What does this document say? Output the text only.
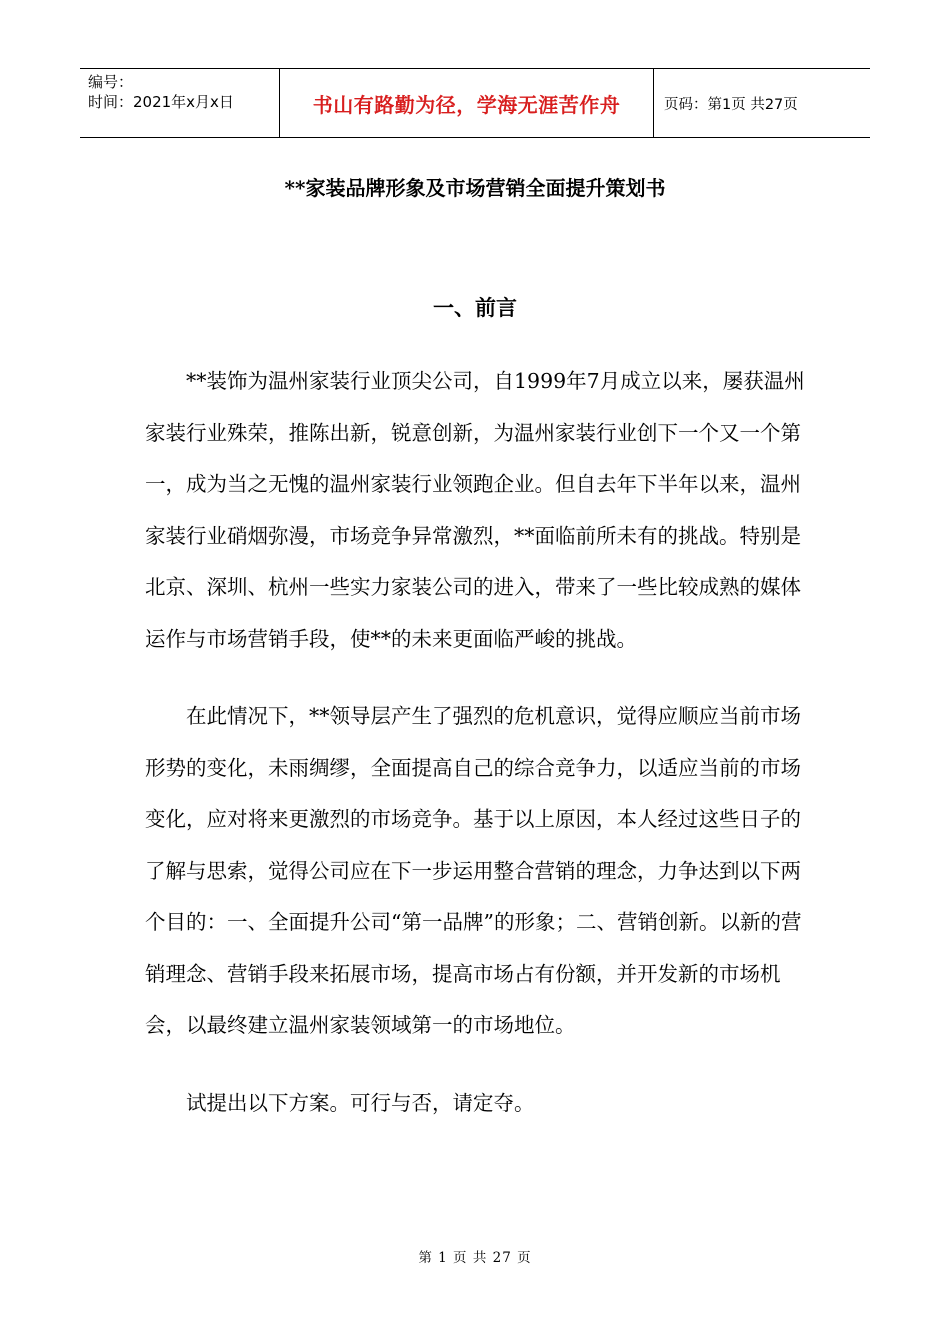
编号：
时间：2021年x月x日	书山有路勤为径，学海无涯苦作舟	页码：第1页 共27页
**家装品牌形象及市场营销全面提升策划书
一、前言

**装饰为温州家装行业顶尖公司，自1999年7月成立以来，屡获温州家装行业殊荣，推陈出新，锐意创新，为温州家装行业创下一个又一个第一，成为当之无愧的温州家装行业领跑企业。但自去年下半年以来，温州家装行业硝烟弥漫，市场竞争异常激烈，**面临前所未有的挑战。特别是北京、深圳、杭州一些实力家装公司的进入，带来了一些比较成熟的媒体运作与市场营销手段，使**的未来更面临严峻的挑战。

在此情况下，**领导层产生了强烈的危机意识，觉得应顺应当前市场形势的变化，未雨绸缪，全面提高自己的综合竞争力，以适应当前的市场变化，应对将来更激烈的市场竞争。基于以上原因，本人经过这些日子的了解与思索，觉得公司应在下一步运用整合营销的理念，力争达到以下两个目的：一、全面提升公司“第一品牌”的形象；二、营销创新。以新的营销理念、营销手段来拓展市场，提高市场占有份额，并开发新的市场机会，以最终建立温州家装领域第一的市场地位。

试提出以下方案。可行与否，请定夺。

第 1 页 共 27 页
